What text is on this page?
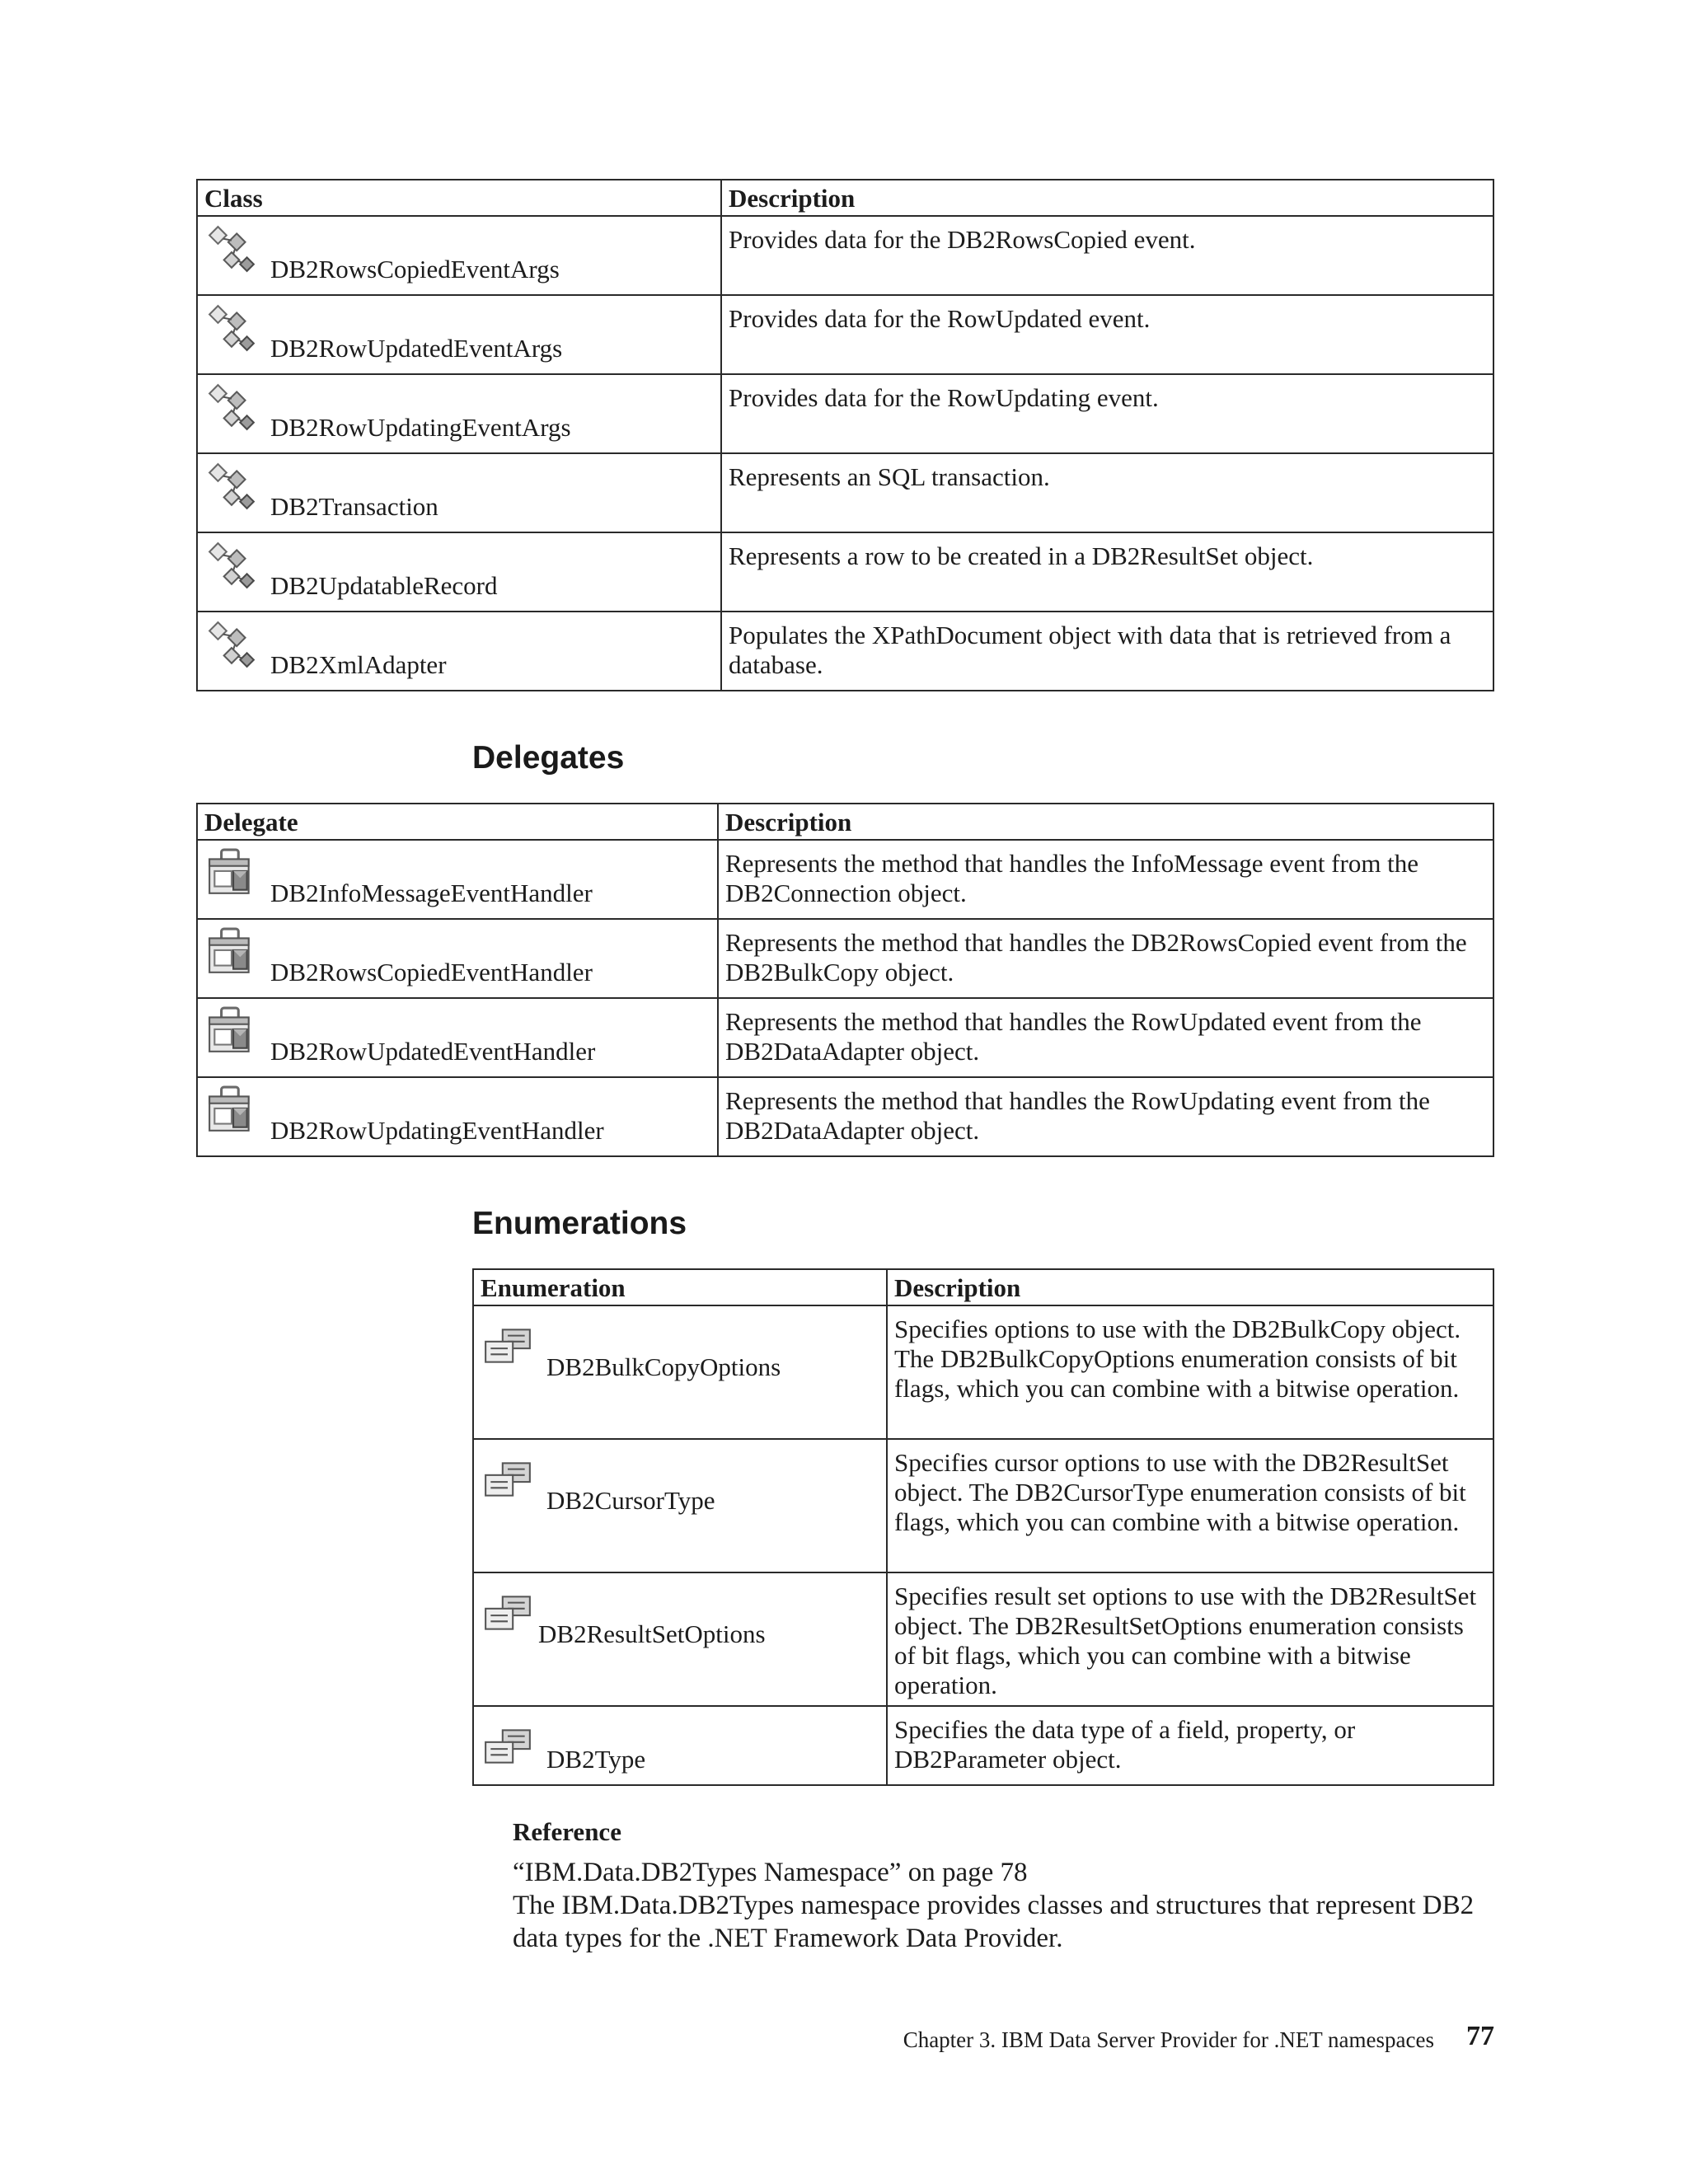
Class	Description

DB2RowsCopiedEventArgs	Provides data for the DB2RowsCopied event.

DB2RowUpdatedEventArgs	Provides data for the RowUpdated event.

DB2RowUpdatingEventArgs	Provides data for the RowUpdating event.

DB2Transaction	Represents an SQL transaction.

DB2UpdatableRecord	Represents a row to be created in a DB2ResultSet object.

DB2XmlAdapter	Populates the XPathDocument object with data that is retrieved from a database.
Delegates
Delegate	Description

DB2InfoMessageEventHandler	Represents the method that handles the InfoMessage event from the DB2Connection object.

DB2RowsCopiedEventHandler	Represents the method that handles the DB2RowsCopied event from the DB2BulkCopy object.

DB2RowUpdatedEventHandler	Represents the method that handles the RowUpdated event from the DB2DataAdapter object.

DB2RowUpdatingEventHandler	Represents the method that handles the RowUpdating event from the DB2DataAdapter object.
Enumerations
Enumeration	Description

DB2BulkCopyOptions	Specifies options to use with the DB2BulkCopy object. The DB2BulkCopyOptions enumeration consists of bit flags, which you can combine with a bitwise operation.

DB2CursorType	Specifies cursor options to use with the DB2ResultSet object. The DB2CursorType enumeration consists of bit flags, which you can combine with a bitwise operation.

DB2ResultSetOptions	Specifies result set options to use with the DB2ResultSet object. The DB2ResultSetOptions enumeration consists of bit flags, which you can combine with a bitwise operation.

DB2Type	Specifies the data type of a field, property, or DB2Parameter object.
Reference
“IBM.Data.DB2Types Namespace” on page 78
The IBM.Data.DB2Types namespace provides classes and structures that represent DB2 data types for the .NET Framework Data Provider.
Chapter 3. IBM Data Server Provider for .NET namespaces 77
